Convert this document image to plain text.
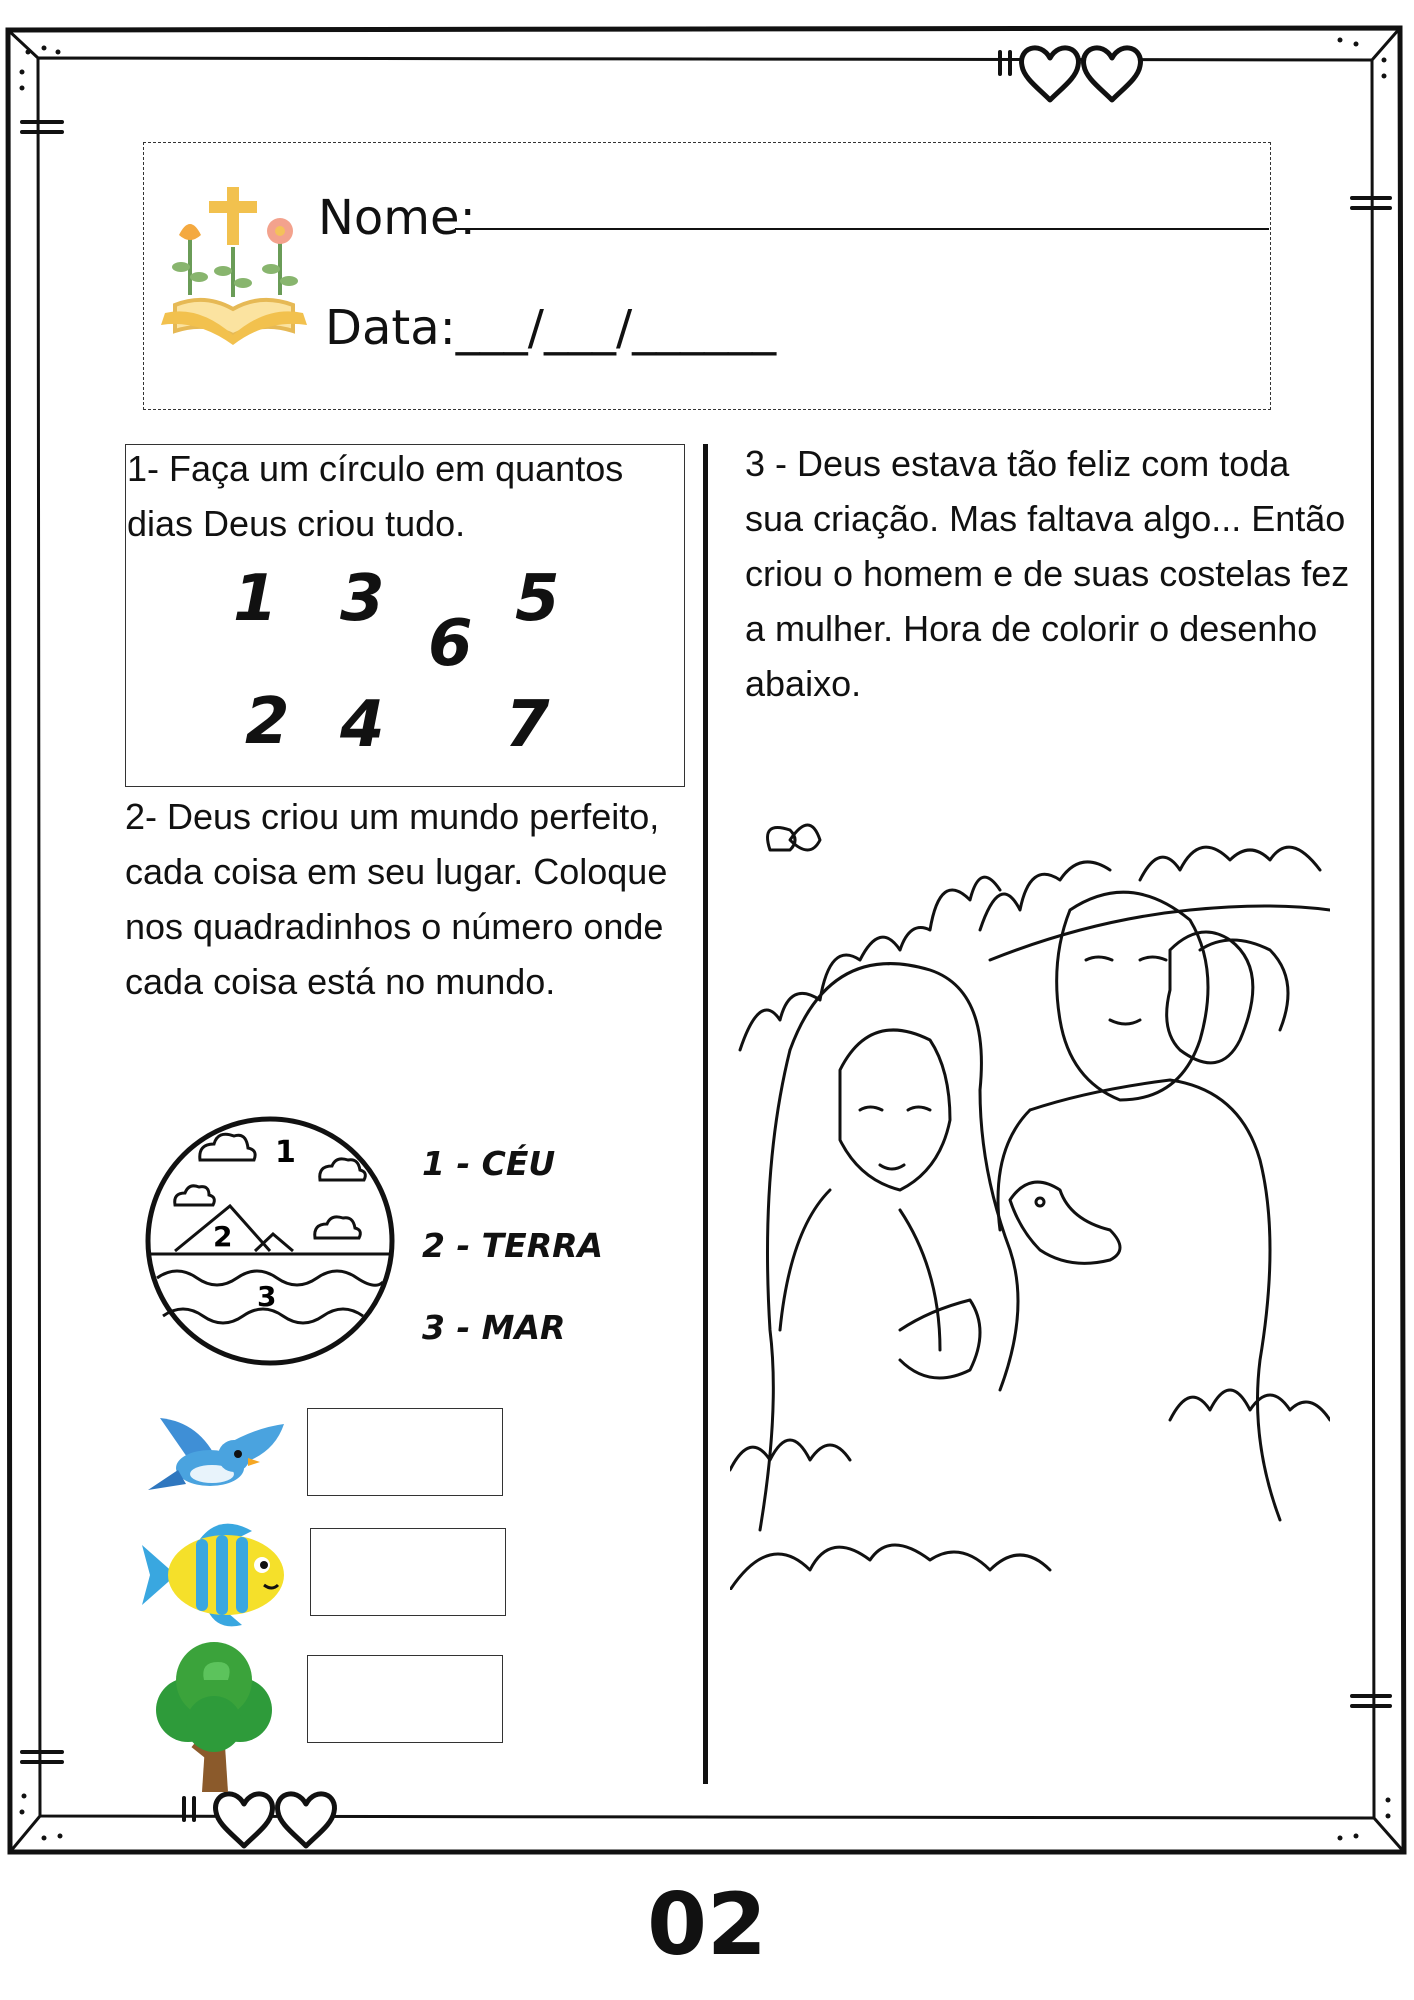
Nome:
Data:___/___/______
1- Faça um círculo em quantos dias Deus criou tudo.
1 3
6
5
2 4 7
2- Deus criou um mundo perfeito, cada coisa em seu lugar. Coloque nos quadradinhos o número onde cada coisa está no mundo.
1
2
3
1 - CÉU
2 - TERRA
3 - MAR
3 - Deus estava tão feliz com toda sua criação. Mas faltava algo... Então criou o homem e de suas costelas fez a mulher. Hora de colorir o desenho abaixo.
02
